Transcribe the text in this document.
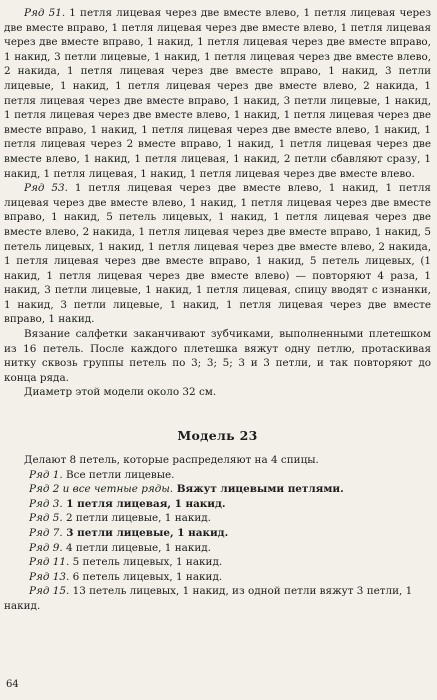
Ряд 51. 1 петля лицевая через две вместе влево, 1 петля лицевая через две вместе вправо, 1 петля лицевая через две вместе влево, 1 петля лицевая через две вместе вправо, 1 накид, 1 петля лицевая через две вместе вправо, 1 накид, 3 петли лицевые, 1 накид, 1 петля лицевая через две вместе влево, 2 накида, 1 петля лицевая через две вместе вправо, 1 накид, 3 петли лицевые, 1 накид, 1 петля лицевая через две вместе влево, 2 накида, 1 петля лицевая через две вместе вправо, 1 накид, 3 петли лицевые, 1 накид, 1 петля лицевая через две вместе влево, 1 накид, 1 петля лицевая через две вместе вправо, 1 накид, 1 петля лицевая через две вместе влево, 1 накид, 1 петля лицевая через 2 вместе вправо, 1 накид, 1 петля лицевая через две вместе влево, 1 накид, 1 петля лицевая, 1 накид, 2 петли сбавляют сразу, 1 накид, 1 петля лицевая, 1 накид, 1 петля лицевая через две вместе влево.

Ряд 53. 1 петля лицевая через две вместе влево, 1 накид, 1 петля лицевая через две вместе влево, 1 накид, 1 петля лицевая через две вместе вправо, 1 накид, 5 петель лицевых, 1 накид, 1 петля лицевая через две вместе влево, 2 накида, 1 петля лицевая через две вместе вправо, 1 накид, 5 петель лицевых, 1 накид, 1 петля лицевая через две вместе влево, 2 накида, 1 петля лицевая через две вместе вправо, 1 накид, 5 петель лицевых, (1 накид, 1 петля лицевая через две вместе влево) — повторяют 4 раза, 1 накид, 3 петли лицевые, 1 накид, 1 петля лицевая, спицу вводят с изнанки, 1 накид, 3 петли лицевые, 1 накид, 1 петля лицевая через две вместе вправо, 1 накид.

Вязание салфетки заканчивают зубчиками, выполненными плетешком из 16 петель. После каждого плетешка вяжут одну петлю, протаскивая нитку сквозь группы петель по 3; 3; 5; 3 и 3 петли, и так повторяют до конца ряда.

Диаметр этой модели около 32 см.

Модель 23

Делают 8 петель, которые распределяют на 4 спицы.

Ряд 1. Все петли лицевые.

Ряд 2 и все четные ряды. Вяжут лицевыми петлями.

Ряд 3. 1 петля лицевая, 1 накид.

Ряд 5. 2 петли лицевые, 1 накид.

Ряд 7. 3 петли лицевые, 1 накид.

Ряд 9. 4 петли лицевые, 1 накид.

Ряд 11. 5 петель лицевых, 1 накид.

Ряд 13. 6 петель лицевых, 1 накид.

Ряд 15. 13 петель лицевых, 1 накид, из одной петли вяжут 3 петли, 1 накид.

64
